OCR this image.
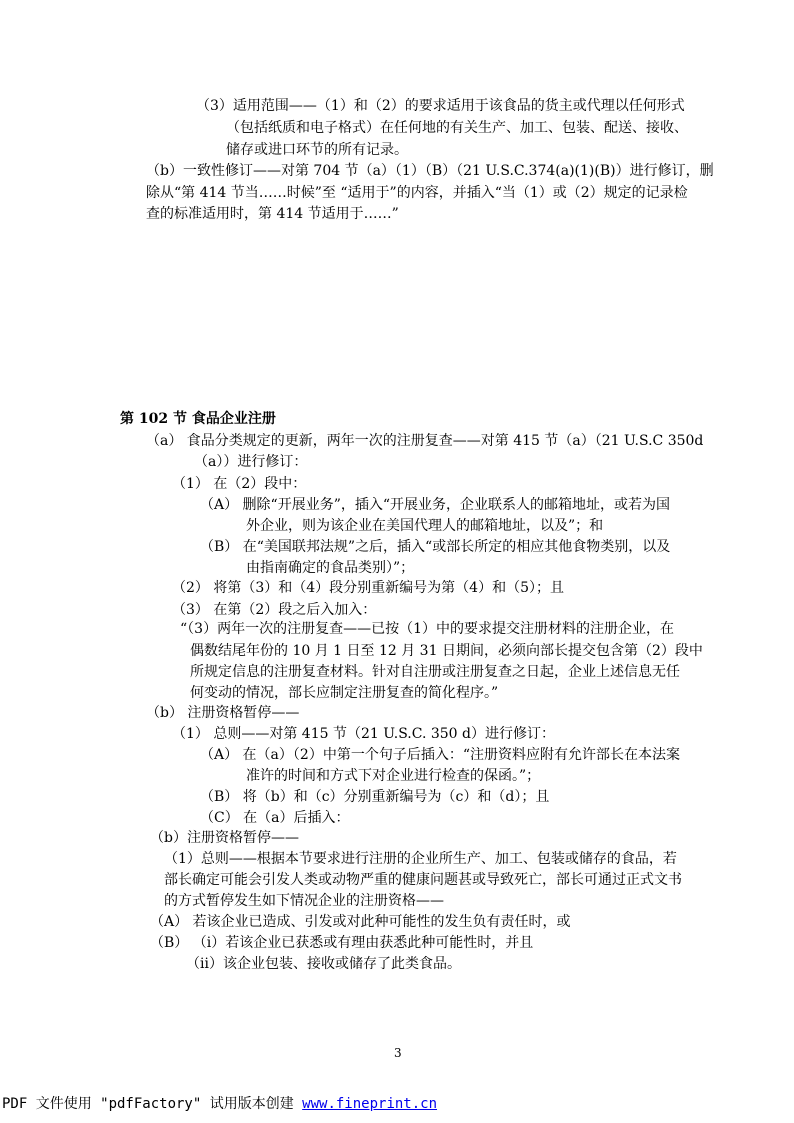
（3）适用范围——（1）和（2）的要求适用于该食品的货主或代理以任何形式

（包括纸质和电子格式）在任何地的有关生产、加工、包装、配送、接收、

储存或进口环节的所有记录。

（b）一致性修订——对第 704 节（a）（1）（B）（21 U.S.C.374(a)(1)(B)）进行修订，删

除从“第 414 节当……时候”至 “适用于”的内容，并插入“当（1）或（2）规定的记录检

查的标准适用时，第 414 节适用于……”

第 102 节 食品企业注册

（a） 食品分类规定的更新，两年一次的注册复查——对第 415 节（a）（21 U.S.C 350d

（a））进行修订：

（1） 在（2）段中：

（A） 删除“开展业务”，插入“开展业务，企业联系人的邮箱地址，或若为国

外企业，则为该企业在美国代理人的邮箱地址，以及”；和

（B） 在“美国联邦法规”之后，插入“或部长所定的相应其他食物类别，以及

由指南确定的食品类别）”；

（2） 将第（3）和（4）段分别重新编号为第（4）和（5）；且

（3） 在第（2）段之后入加入：

“（3）两年一次的注册复查——已按（1）中的要求提交注册材料的注册企业，在

偶数结尾年份的 10 月 1 日至 12 月 31 日期间，必须向部长提交包含第（2）段中

所规定信息的注册复查材料。针对自注册或注册复查之日起，企业上述信息无任

何变动的情况，部长应制定注册复查的简化程序。”

（b） 注册资格暂停——

（1） 总则——对第 415 节（21 U.S.C. 350 d）进行修订：

（A） 在（a）（2）中第一个句子后插入：“注册资料应附有允许部长在本法案

准许的时间和方式下对企业进行检查的保函。”；

（B） 将（b）和（c）分别重新编号为（c）和（d）；且

（C） 在（a）后插入：

（b）注册资格暂停——

（1）总则——根据本节要求进行注册的企业所生产、加工、包装或储存的食品，若

部长确定可能会引发人类或动物严重的健康问题甚或导致死亡，部长可通过正式文书

的方式暂停发生如下情况企业的注册资格——

（A） 若该企业已造成、引发或对此种可能性的发生负有责任时，或

（B） （ⅰ）若该企业已获悉或有理由获悉此种可能性时，并且

（ⅱ）该企业包装、接收或储存了此类食品。

3

PDF 文件使用 "pdfFactory" 试用版本创建 www.fineprint.cn
